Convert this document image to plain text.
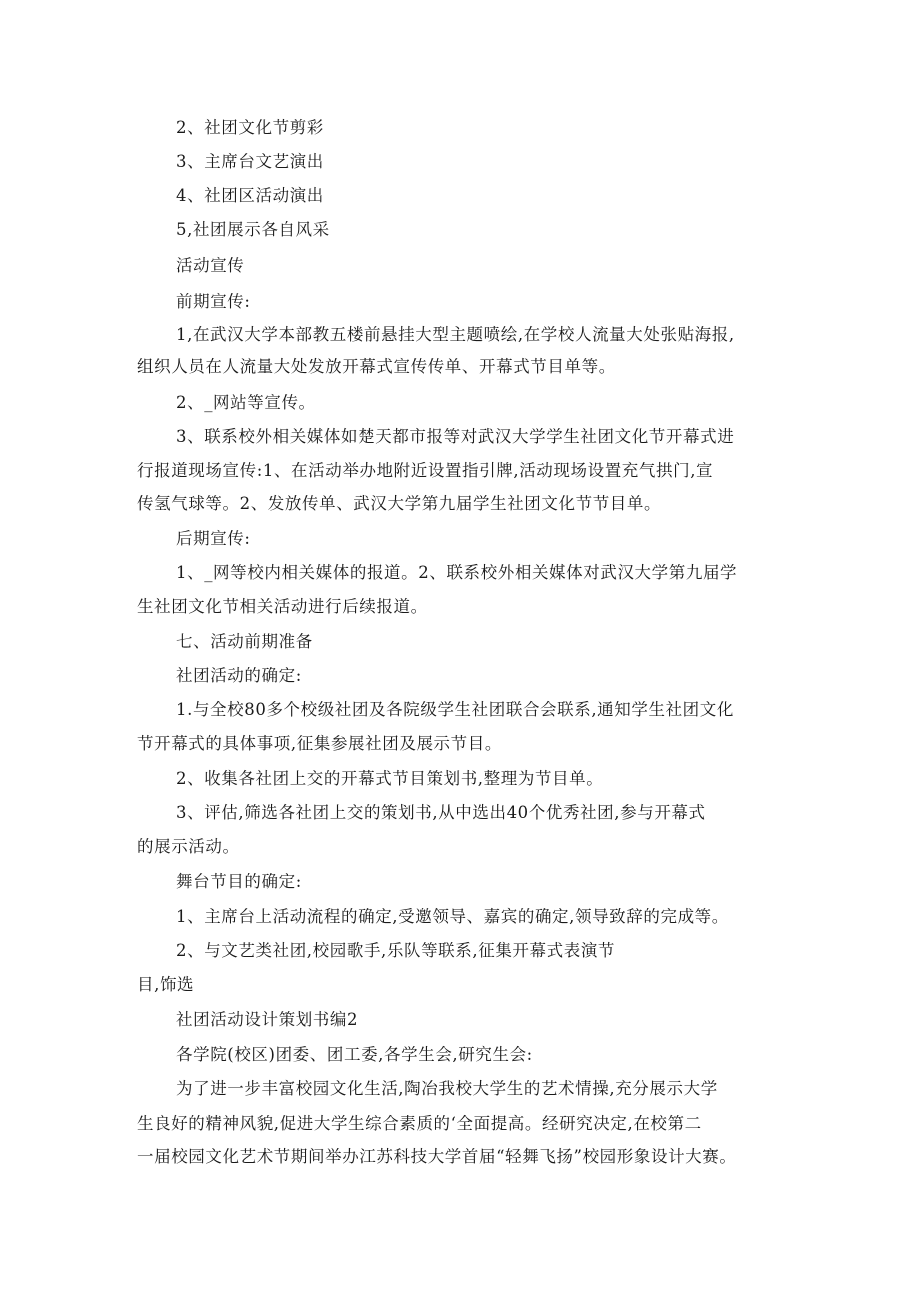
2、社团文化节剪彩
3、主席台文艺演出
4、社团区活动演出
5,社团展示各自风采
活动宣传
前期宣传:
1,在武汉大学本部教五楼前悬挂大型主题喷绘,在学校人流量大处张贴海报,
组织人员在人流量大处发放开幕式宣传传单、开幕式节目单等。
2、_网站等宣传。
3、联系校外相关媒体如楚天都市报等对武汉大学学生社团文化节开幕式进
行报道现场宣传:1、在活动举办地附近设置指引牌,活动现场设置充气拱门,宣
传氢气球等。2、发放传单、武汉大学第九届学生社团文化节节目单。
后期宣传:
1、_网等校内相关媒体的报道。2、联系校外相关媒体对武汉大学第九届学
生社团文化节相关活动进行后续报道。
七、活动前期准备
社团活动的确定:
1.与全校80多个校级社团及各院级学生社团联合会联系,通知学生社团文化
节开幕式的具体事项,征集参展社团及展示节目。
2、收集各社团上交的开幕式节目策划书,整理为节目单。
3、评估,筛选各社团上交的策划书,从中选出40个优秀社团,参与开幕式
的展示活动。
舞台节目的确定:
1、主席台上活动流程的确定,受邀领导、嘉宾的确定,领导致辞的完成等。
2、与文艺类社团,校园歌手,乐队等联系,征集开幕式表演节
目,饰选
社团活动设计策划书编2
各学院(校区)团委、团工委,各学生会,研究生会:
为了进一步丰富校园文化生活,陶冶我校大学生的艺术情操,充分展示大学
生良好的精神风貌,促进大学生综合素质的‘全面提高。经研究决定,在校第二
一届校园文化艺术节期间举办江苏科技大学首届“轻舞飞扬”校园形象设计大赛。
